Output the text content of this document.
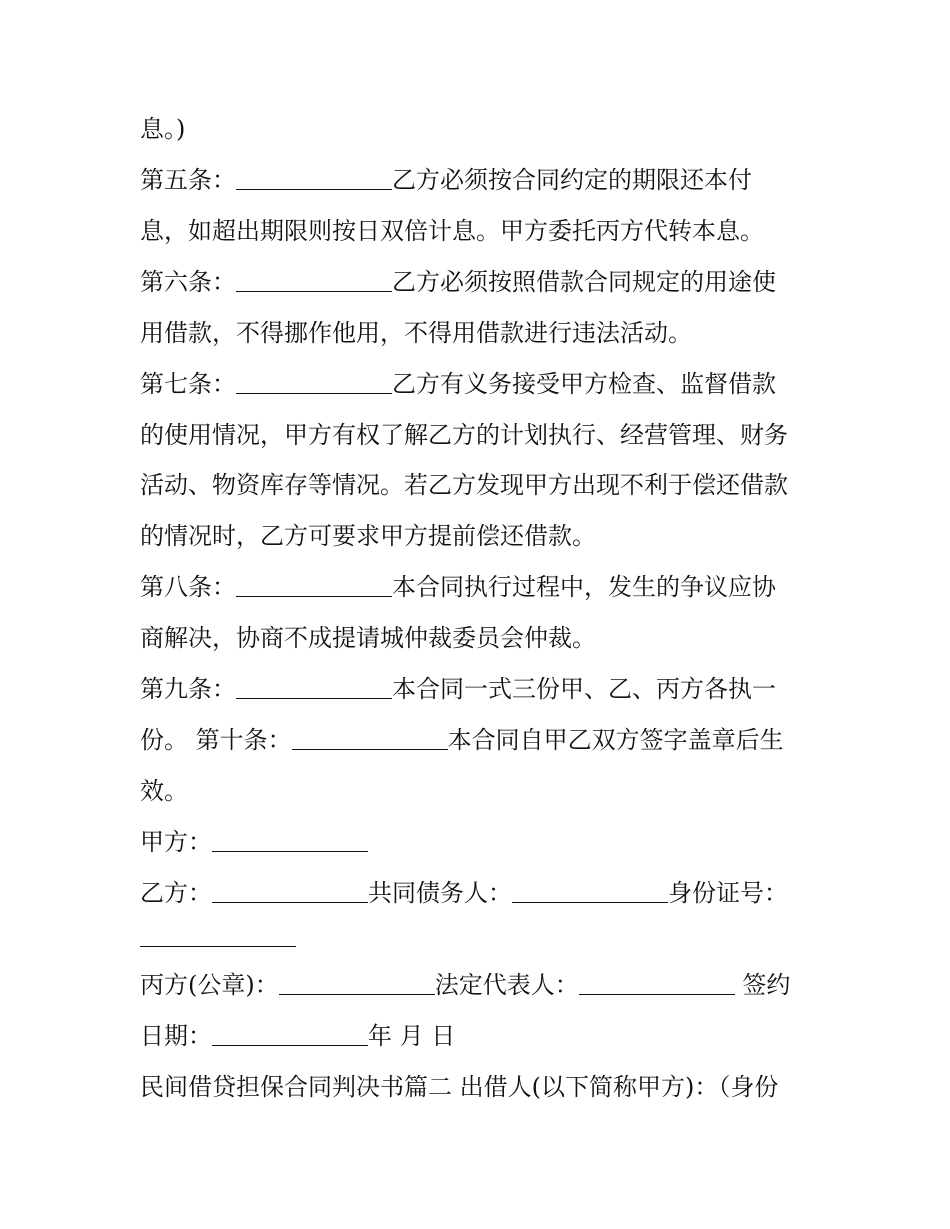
息。)
第五条：	乙方必须按合同约定的期限还本付
息，如超出期限则按日双倍计息。甲方委托丙方代转本息。
第六条：	乙方必须按照借款合同规定的用途使
用借款，不得挪作他用，不得用借款进行违法活动。
第七条：	乙方有义务接受甲方检查、监督借款
的使用情况，甲方有权了解乙方的计划执行、经营管理、财务
活动、物资库存等情况。若乙方发现甲方出现不利于偿还借款
的情况时，乙方可要求甲方提前偿还借款。
第八条：	本合同执行过程中，发生的争议应协
商解决，协商不成提请城仲裁委员会仲裁。
第九条：	本合同一式三份甲、乙、丙方各执一
份。 第十条：	本合同自甲乙双方签字盖章后生
效。
甲方：
乙方：	共同债务人：	身份证号：
丙方(公章)：	法定代表人：	签约
日期：	年 月 日
民间借贷担保合同判决书篇二 出借人(以下简称甲方)：（身份
